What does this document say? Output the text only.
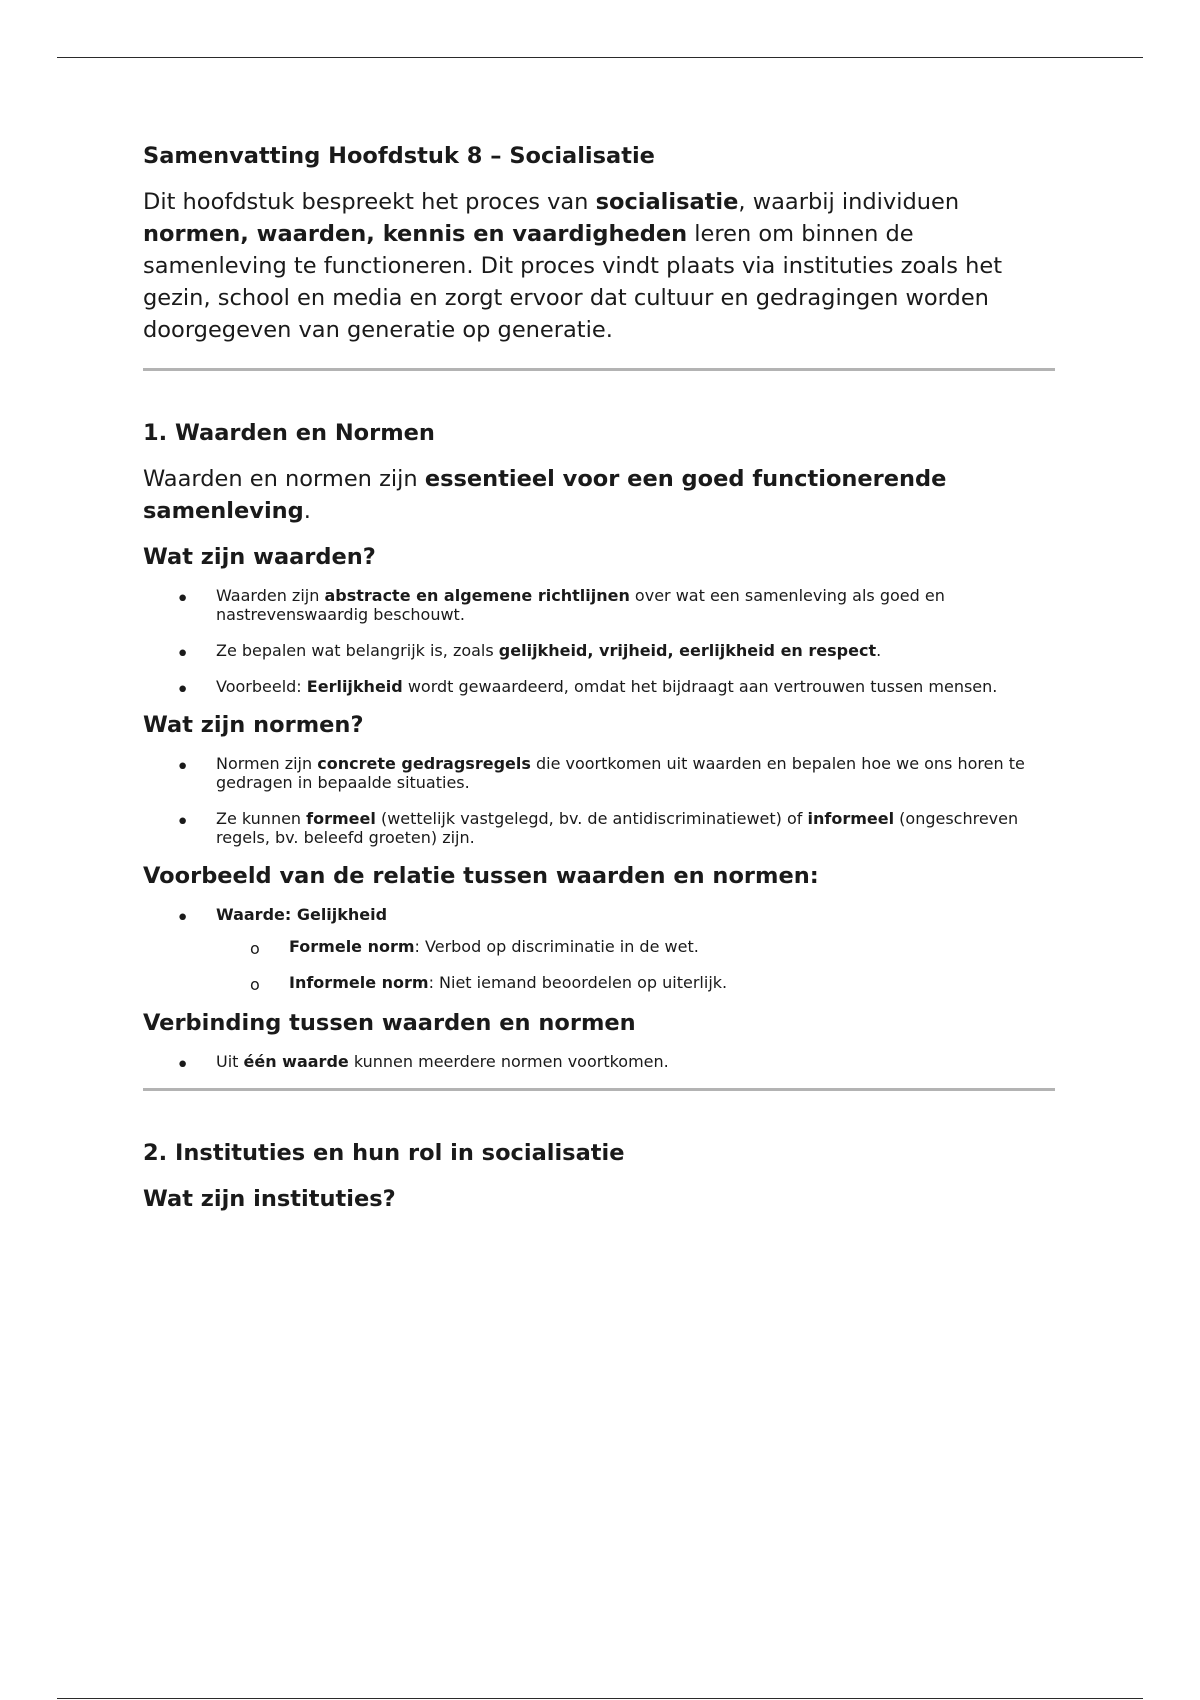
Samenvatting Hoofdstuk 8 – Socialisatie

Dit hoofdstuk bespreekt het proces van socialisatie, waarbij individuen normen, waarden, kennis en vaardigheden leren om binnen de samenleving te functioneren. Dit proces vindt plaats via instituties zoals het gezin, school en media en zorgt ervoor dat cultuur en gedragingen worden doorgegeven van generatie op generatie.

1. Waarden en Normen

Waarden en normen zijn essentieel voor een goed functionerende samenleving.

Wat zijn waarden?

• Waarden zijn abstracte en algemene richtlijnen over wat een samenleving als goed en nastrevenswaardig beschouwt.
• Ze bepalen wat belangrijk is, zoals gelijkheid, vrijheid, eerlijkheid en respect.
• Voorbeeld: Eerlijkheid wordt gewaardeerd, omdat het bijdraagt aan vertrouwen tussen mensen.

Wat zijn normen?

• Normen zijn concrete gedragsregels die voortkomen uit waarden en bepalen hoe we ons horen te gedragen in bepaalde situaties.
• Ze kunnen formeel (wettelijk vastgelegd, bv. de antidiscriminatiewet) of informeel (ongeschreven regels, bv. beleefd groeten) zijn.

Voorbeeld van de relatie tussen waarden en normen:

• Waarde: Gelijkheid
o Formele norm: Verbod op discriminatie in de wet.
o Informele norm: Niet iemand beoordelen op uiterlijk.

Verbinding tussen waarden en normen

• Uit één waarde kunnen meerdere normen voortkomen.

2. Instituties en hun rol in socialisatie

Wat zijn instituties?
